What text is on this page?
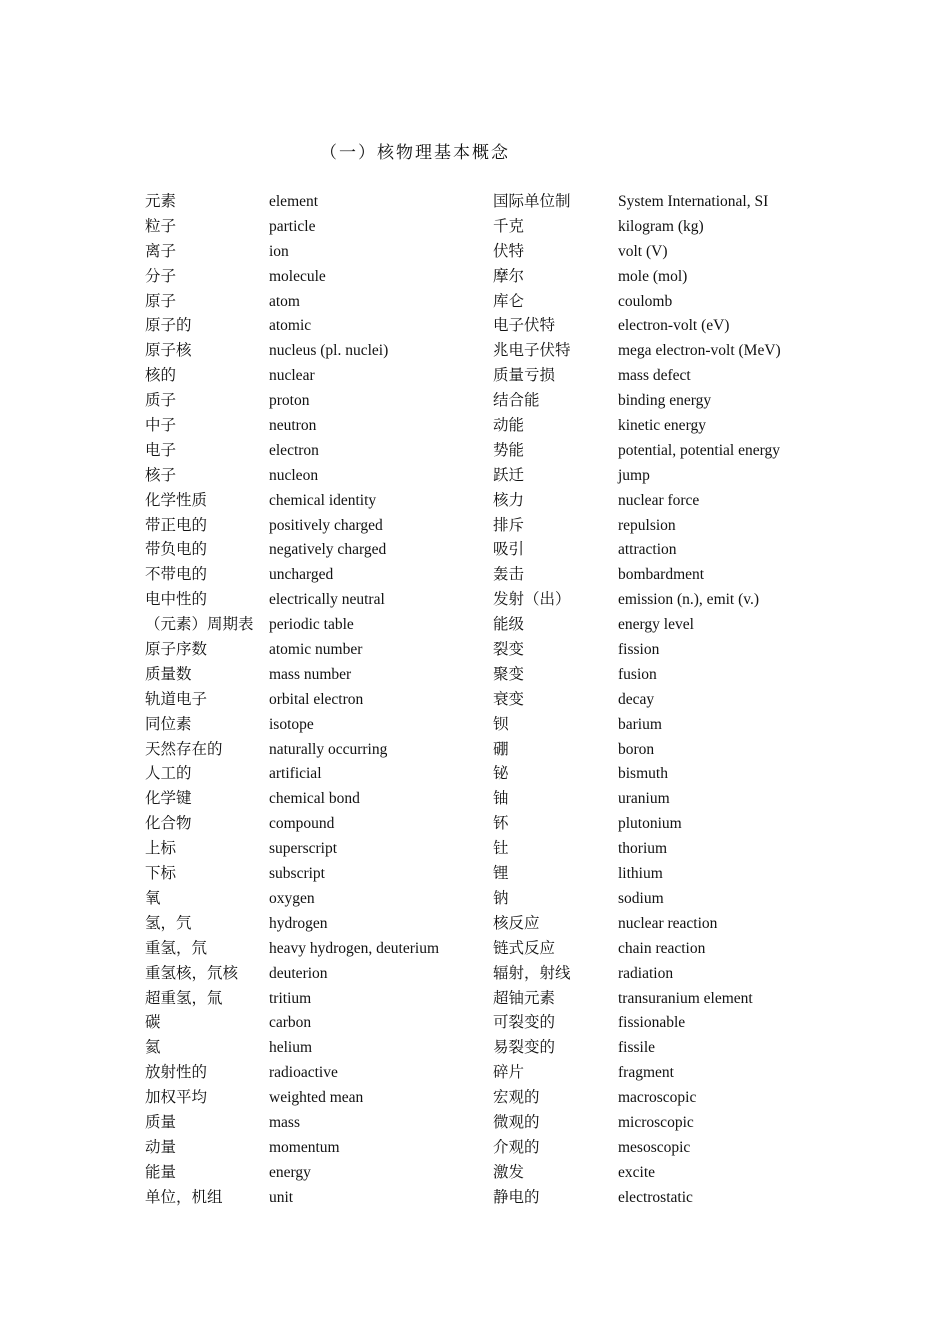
（一）核物理基本概念
元素	element	国际单位制	System International, SI
粒子	particle	千克	kilogram (kg)
离子	ion	伏特	volt (V)
分子	molecule	摩尔	mole (mol)
原子	atom	库仑	coulomb
原子的	atomic	电子伏特	electron-volt (eV)
原子核	nucleus (pl. nuclei)	兆电子伏特	mega electron-volt (MeV)
核的	nuclear	质量亏损	mass defect
质子	proton	结合能	binding energy
中子	neutron	动能	kinetic energy
电子	electron	势能	potential, potential energy
核子	nucleon	跃迁	jump
化学性质	chemical identity	核力	nuclear force
带正电的	positively charged	排斥	repulsion
带负电的	negatively charged	吸引	attraction
不带电的	uncharged	轰击	bombardment
电中性的	electrically neutral	发射（出）	emission (n.), emit (v.)
（元素）周期表 periodic table	能级	energy level
原子序数	atomic number	裂变	fission
质量数	mass number	聚变	fusion
轨道电子	orbital electron	衰变	decay
同位素	isotope	钡	barium
天然存在的	naturally occurring	硼	boron
人工的	artificial	铋	bismuth
化学键	chemical bond	铀	uranium
化合物	compound	钚	plutonium
上标	superscript	钍	thorium
下标	subscript	锂	lithium
氧	oxygen	钠	sodium
氢，氕	hydrogen	核反应	nuclear reaction
重氢，氘	heavy hydrogen, deuterium	链式反应	chain reaction
重氢核，氘核	deuterion	辐射，射线	radiation
超重氢，氚	tritium	超铀元素	transuranium element
碳	carbon	可裂变的	fissionable
氦	helium	易裂变的	fissile
放射性的	radioactive	碎片	fragment
加权平均	weighted mean	宏观的	macroscopic
质量	mass	微观的	microscopic
动量	momentum	介观的	mesoscopic
能量	energy	激发	excite
单位，机组	unit	静电的	electrostatic
